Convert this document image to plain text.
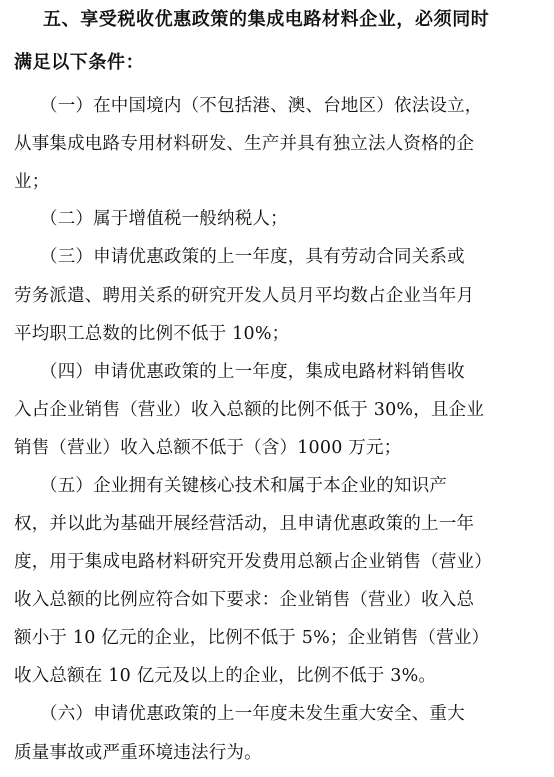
五、享受税收优惠政策的集成电路材料企业，必须同时
满足以下条件：
（一）在中国境内（不包括港、澳、台地区）依法设立，
从事集成电路专用材料研发、生产并具有独立法人资格的企
业；
（二）属于增值税一般纳税人；
（三）申请优惠政策的上一年度，具有劳动合同关系或
劳务派遣、聘用关系的研究开发人员月平均数占企业当年月
平均职工总数的比例不低于 10%；
（四）申请优惠政策的上一年度，集成电路材料销售收
入占企业销售（营业）收入总额的比例不低于 30%，且企业
销售（营业）收入总额不低于（含）1000 万元；
（五）企业拥有关键核心技术和属于本企业的知识产
权，并以此为基础开展经营活动，且申请优惠政策的上一年
度，用于集成电路材料研究开发费用总额占企业销售（营业）
收入总额的比例应符合如下要求：企业销售（营业）收入总
额小于 10 亿元的企业，比例不低于 5%；企业销售（营业）
收入总额在 10 亿元及以上的企业，比例不低于 3%。
（六）申请优惠政策的上一年度未发生重大安全、重大
质量事故或严重环境违法行为。
